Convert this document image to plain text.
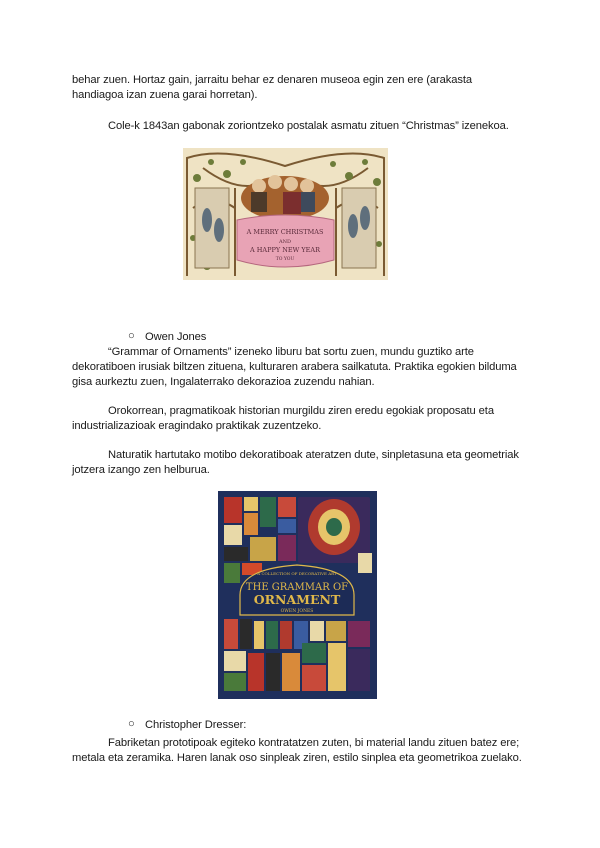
behar zuen. Hortaz gain, jarraitu behar ez denaren museoa egin zen ere (arakasta
handiagoa izan zuena garai horretan).
Cole-k 1843an gabonak zoriontzeko postalak asmatu zituen “Christmas” izenekoa.
A MERRY CHRISTMAS
AND
A HAPPY NEW YEAR
TO YOU
○ Owen Jones
“Grammar of Ornaments” izeneko liburu bat sortu zuen, mundu guztiko arte
dekoratiboen irusiak biltzen zituena, kulturaren arabera sailkatuta. Praktika egokien bilduma
gisa aurkeztu zuen, Ingalaterrako dekorazioa zuzendu nahian.
Orokorrean, pragmatikoak historian murgildu ziren eredu egokiak proposatu eta
industrializazioak eragindako praktikak zuzentzeko.
Naturatik hartutako motibo dekoratiboak ateratzen dute, sinpletasuna eta geometriak
jotzera izango zen helburua.
A COLLECTION OF DECORATIVE ART
THE GRAMMAR OF
ORNAMENT
OWEN JONES
○ Christopher Dresser:
Fabriketan prototipoak egiteko kontratatzen zuten, bi material landu zituen batez ere;
metala eta zeramika. Haren lanak oso sinpleak ziren, estilo sinplea eta geometrikoa zuelako.
